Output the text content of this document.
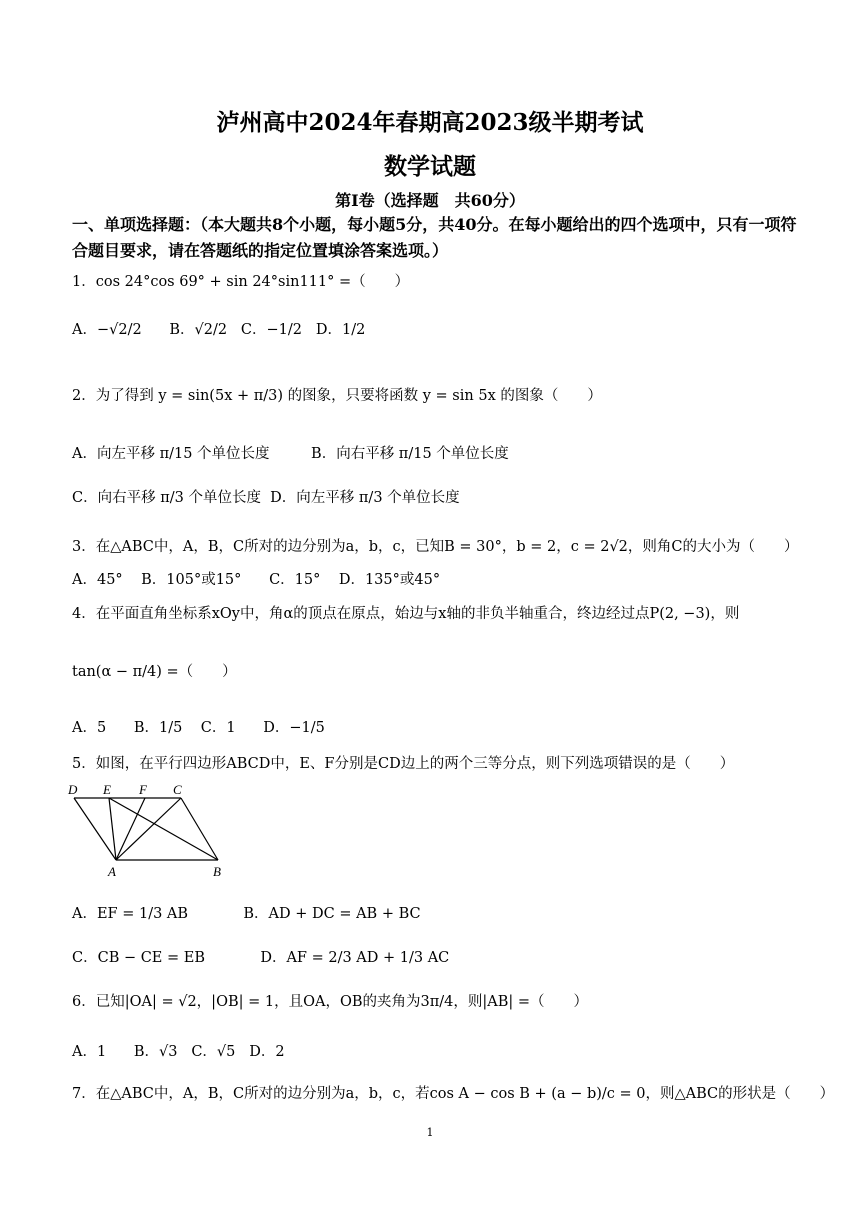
泸州高中2024年春期高2023级半期考试
数学试题
第Ⅰ卷（选择题　共60分）
一、单项选择题：（本大题共8个小题，每小题5分，共40分。在每小题给出的四个选项中，只有一项符合题目要求，请在答题纸的指定位置填涂答案选项。）
1．cos 24°cos 69° + sin 24°sin111° =（　　）
A．−√2/2 B．√2/2 C．−1/2 D．1/2
2．为了得到 y = sin(5x + π/3) 的图象，只要将函数 y = sin 5x 的图象（　　）
A．向左平移 π/15 个单位长度	B．向右平移 π/15 个单位长度
C．向右平移 π/3 个单位长度 D．向左平移 π/3 个单位长度
3．在△ABC中，A，B，C所对的边分别为a，b，c，已知B = 30°，b = 2，c = 2√2，则角C的大小为（　　）
A．45° B．105°或15° C．15° D．135°或45°
4．在平面直角坐标系xOy中，角α的顶点在原点，始边与x轴的非负半轴重合，终边经过点P(2, −3)，则
tan(α − π/4) =（　　）
A．5 B．1/5 C．1 D．−1/5
5．如图，在平行四边形ABCD中，E、F分别是CD边上的两个三等分点，则下列选项错误的是（　　）
D E F C
A	B
A．EF = 1/3 AB	B．AD + DC = AB + BC
C．CB − CE = EB	D．AF = 2/3 AD + 1/3 AC
6．已知|OA| = √2，|OB| = 1，且OA，OB的夹角为3π/4，则|AB| =（　　）
A．1 B．√3 C．√5 D．2
7．在△ABC中，A，B，C所对的边分别为a，b，c，若cos A − cos B + (a − b)/c = 0，则△ABC的形状是（　　）
1
